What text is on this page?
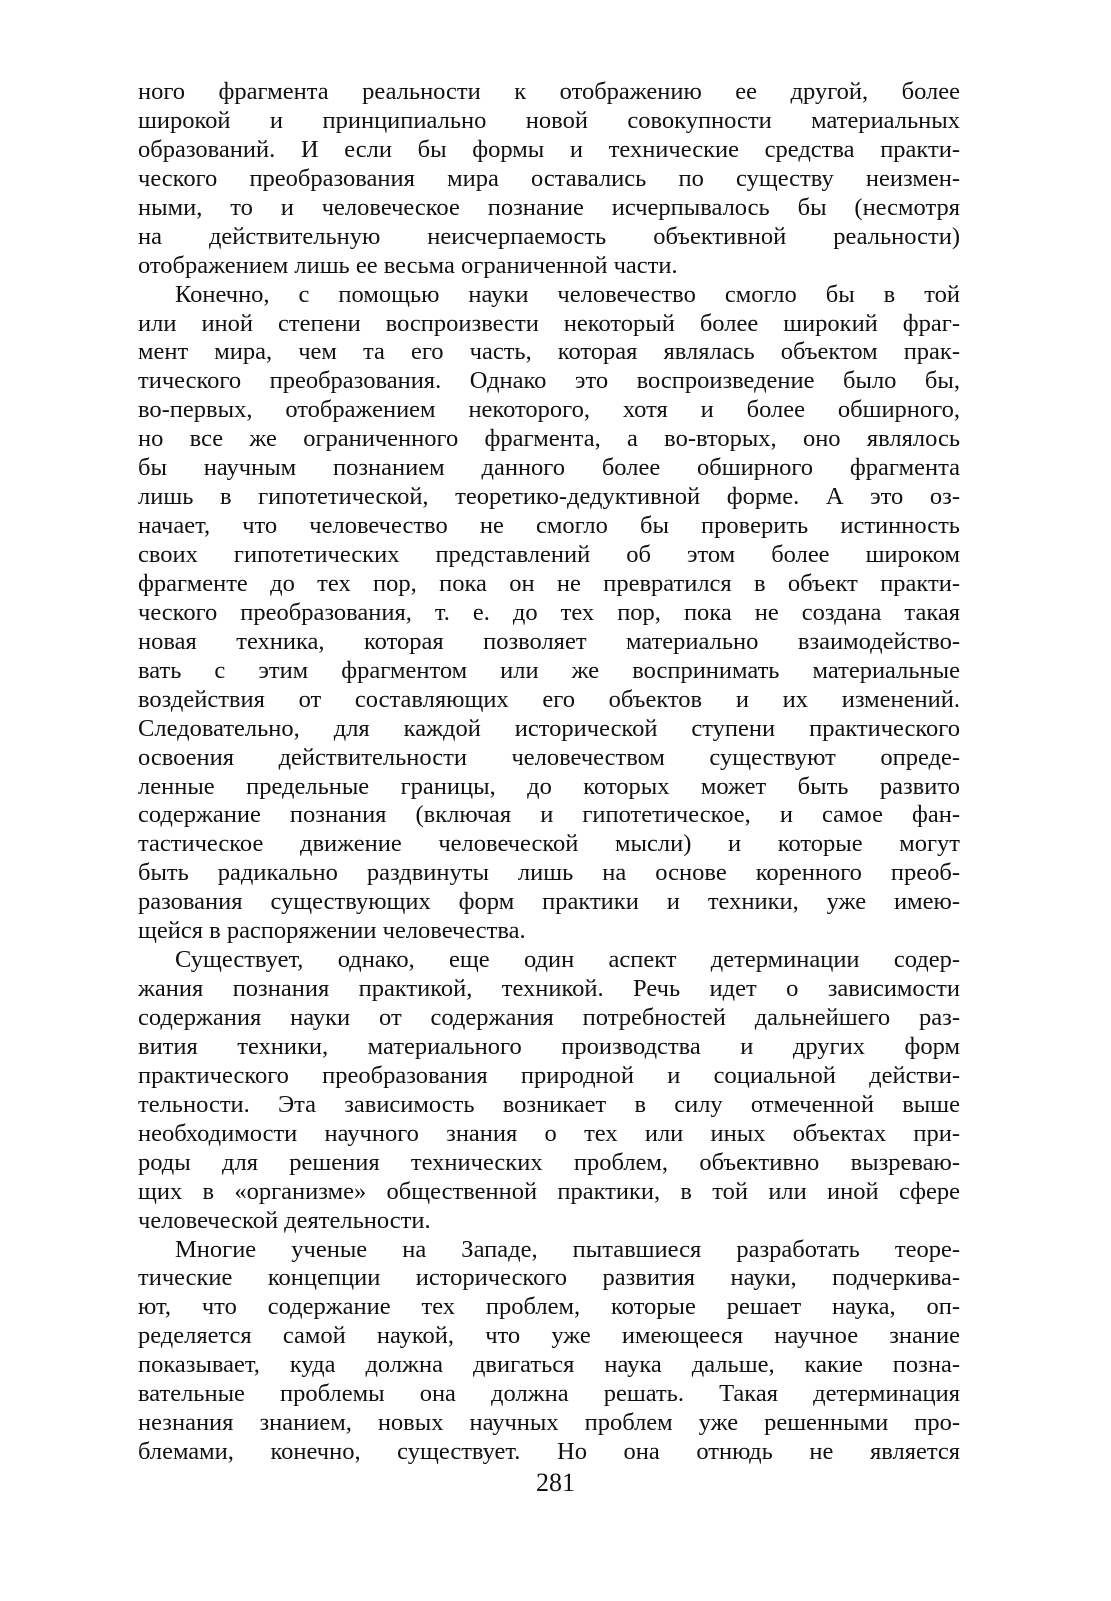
ного фрагмента реальности к отображению ее другой, более
широкой и принципиально новой совокупности материальных
образований. И если бы формы и технические средства практи-
ческого преобразования мира оставались по существу неизмен-
ными, то и человеческое познание исчерпывалось бы (несмотря
на действительную неисчерпаемость объективной реальности)
отображением лишь ее весьма ограниченной части.
Конечно, с помощью науки человечество смогло бы в той
или иной степени воспроизвести некоторый более широкий фраг-
мент мира, чем та его часть, которая являлась объектом прак-
тического преобразования. Однако это воспроизведение было бы,
во-первых, отображением некоторого, хотя и более обширного,
но все же ограниченного фрагмента, а во-вторых, оно являлось
бы научным познанием данного более обширного фрагмента
лишь в гипотетической, теоретико-дедуктивной форме. А это оз-
начает, что человечество не смогло бы проверить истинность
своих гипотетических представлений об этом более широком
фрагменте до тех пор, пока он не превратился в объект практи-
ческого преобразования, т. е. до тех пор, пока не создана такая
новая техника, которая позволяет материально взаимодейство-
вать с этим фрагментом или же воспринимать материальные
воздействия от составляющих его объектов и их изменений.
Следовательно, для каждой исторической ступени практического
освоения действительности человечеством существуют опреде-
ленные предельные границы, до которых может быть развито
содержание познания (включая и гипотетическое, и самое фан-
тастическое движение человеческой мысли) и которые могут
быть радикально раздвинуты лишь на основе коренного преоб-
разования существующих форм практики и техники, уже имею-
щейся в распоряжении человечества.
Существует, однако, еще один аспект детерминации содер-
жания познания практикой, техникой. Речь идет о зависимости
содержания науки от содержания потребностей дальнейшего раз-
вития техники, материального производства и других форм
практического преобразования природной и социальной действи-
тельности. Эта зависимость возникает в силу отмеченной выше
необходимости научного знания о тех или иных объектах при-
роды для решения технических проблем, объективно вызреваю-
щих в «организме» общественной практики, в той или иной сфере
человеческой деятельности.
Многие ученые на Западе, пытавшиеся разработать теоре-
тические концепции исторического развития науки, подчеркива-
ют, что содержание тех проблем, которые решает наука, оп-
ределяется самой наукой, что уже имеющееся научное знание
показывает, куда должна двигаться наука дальше, какие позна-
вательные проблемы она должна решать. Такая детерминация
незнания знанием, новых научных проблем уже решенными про-
блемами, конечно, существует. Но она отнюдь не является
281
